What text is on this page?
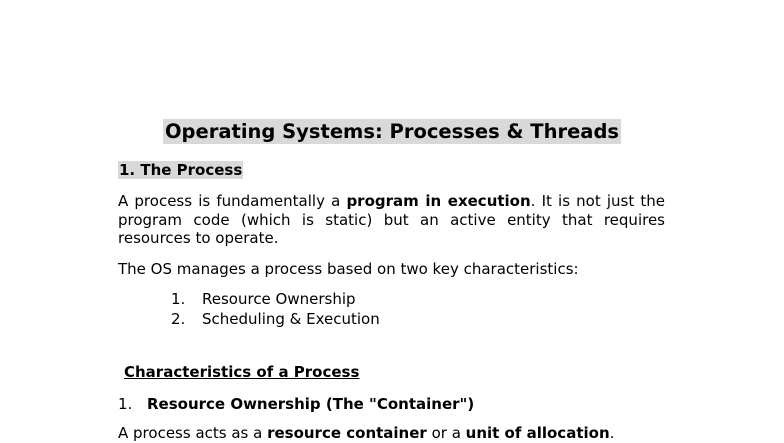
Operating Systems: Processes & Threads
1. The Process
A process is fundamentally a program in execution. It is not just the program code (which is static) but an active entity that requires resources to operate.
The OS manages a process based on two key characteristics:
1.	Resource Ownership
2.	Scheduling & Execution
Characteristics of a Process
1. Resource Ownership (The "Container")
A process acts as a resource container or a unit of allocation.
